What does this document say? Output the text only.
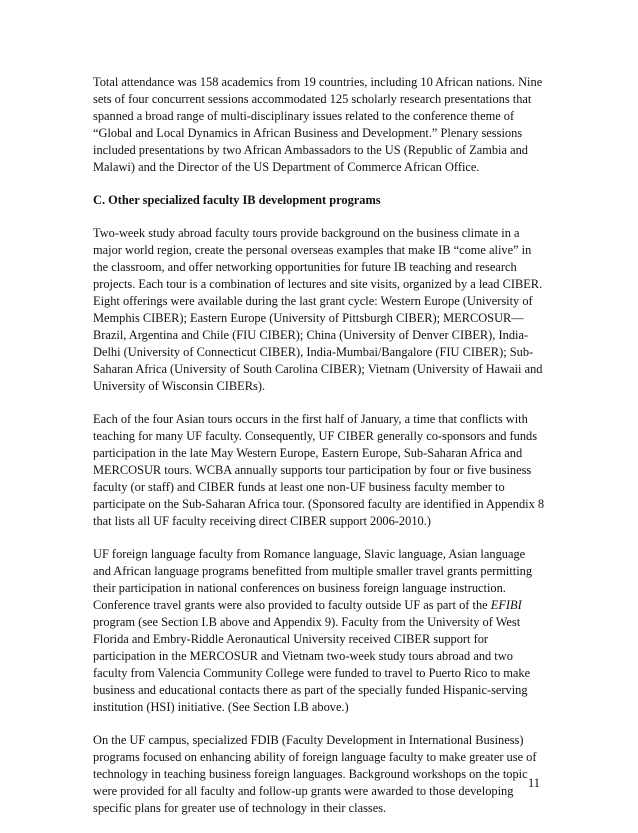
Total attendance was 158 academics from 19 countries, including 10 African nations. Nine sets of four concurrent sessions accommodated 125 scholarly research presentations that spanned a broad range of multi-disciplinary issues related to the conference theme of “Global and Local Dynamics in African Business and Development.” Plenary sessions included presentations by two African Ambassadors to the US (Republic of Zambia and Malawi) and the Director of the US Department of Commerce African Office.

C. Other specialized faculty IB development programs

Two-week study abroad faculty tours provide background on the business climate in a major world region, create the personal overseas examples that make IB “come alive” in the classroom, and offer networking opportunities for future IB teaching and research projects. Each tour is a combination of lectures and site visits, organized by a lead CIBER. Eight offerings were available during the last grant cycle: Western Europe (University of Memphis CIBER); Eastern Europe (University of Pittsburgh CIBER); MERCOSUR—Brazil, Argentina and Chile (FIU CIBER); China (University of Denver CIBER), India-Delhi (University of Connecticut CIBER), India-Mumbai/Bangalore (FIU CIBER); Sub-Saharan Africa (University of South Carolina CIBER); Vietnam (University of Hawaii and University of Wisconsin CIBERs).

Each of the four Asian tours occurs in the first half of January, a time that conflicts with teaching for many UF faculty. Consequently, UF CIBER generally co-sponsors and funds participation in the late May Western Europe, Eastern Europe, Sub-Saharan Africa and MERCOSUR tours. WCBA annually supports tour participation by four or five business faculty (or staff) and CIBER funds at least one non-UF business faculty member to participate on the Sub-Saharan Africa tour. (Sponsored faculty are identified in Appendix 8 that lists all UF faculty receiving direct CIBER support 2006-2010.)

UF foreign language faculty from Romance language, Slavic language, Asian language and African language programs benefitted from multiple smaller travel grants permitting their participation in national conferences on business foreign language instruction. Conference travel grants were also provided to faculty outside UF as part of the EFIBI program (see Section I.B above and Appendix 9). Faculty from the University of West Florida and Embry-Riddle Aeronautical University received CIBER support for participation in the MERCOSUR and Vietnam two-week study tours abroad and two faculty from Valencia Community College were funded to travel to Puerto Rico to make business and educational contacts there as part of the specially funded Hispanic-serving institution (HSI) initiative. (See Section I.B above.)

On the UF campus, specialized FDIB (Faculty Development in International Business) programs focused on enhancing ability of foreign language faculty to make greater use of technology in teaching business foreign languages. Background workshops on the topic were provided for all faculty and follow-up grants were awarded to those developing specific plans for greater use of technology in their classes.

11
